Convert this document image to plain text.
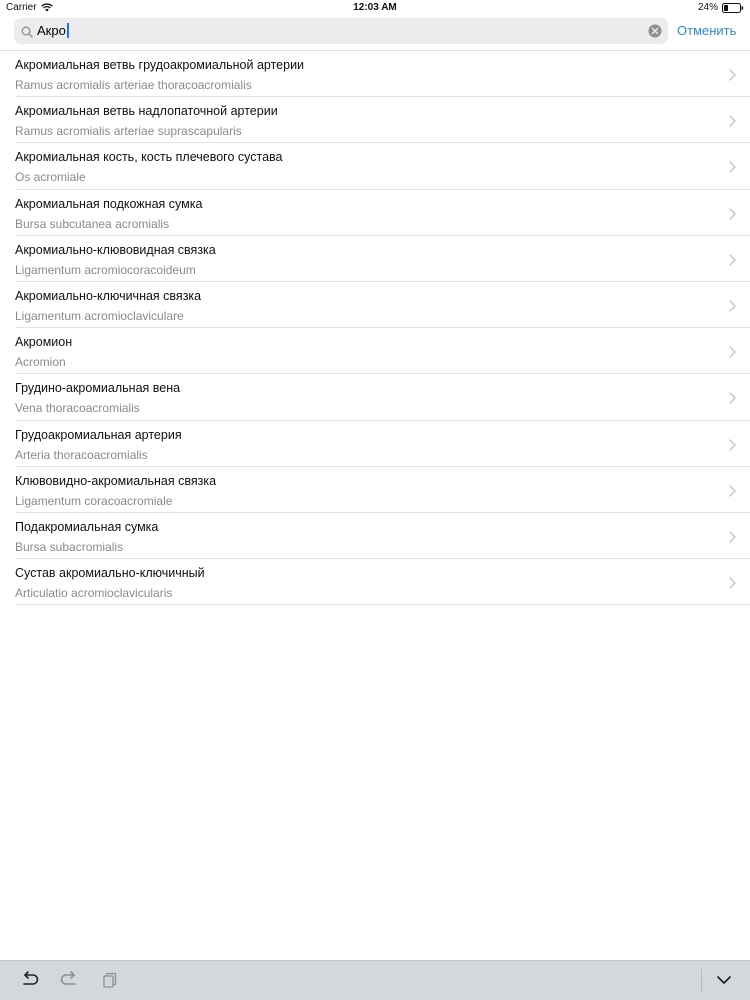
Carrier	12:03 AM	24%
Акро	Отменить
Акромиальная ветвь грудоакромиальной артерии
Ramus acromialis arteriae thoracoacromialis
Акромиальная ветвь надлопаточной артерии
Ramus acromialis arteriae suprascapularis
Акромиальная кость, кость плечевого сустава
Os acromiale
Акромиальная подкожная сумка
Bursa subcutanea acromialis
Акромиально-клювовидная связка
Ligamentum acromiocoracoideum
Акромиально-ключичная связка
Ligamentum acromioclaviculare
Акромион
Acromion
Грудино-акромиальная вена
Vena thoracoacromialis
Грудоакромиальная артерия
Arteria thoracoacromialis
Клювовидно-акромиальная связка
Ligamentum coracoacromiale
Подакромиальная сумка
Bursa subacromialis
Сустав акромиально-ключичный
Articulatio acromioclavicularis
